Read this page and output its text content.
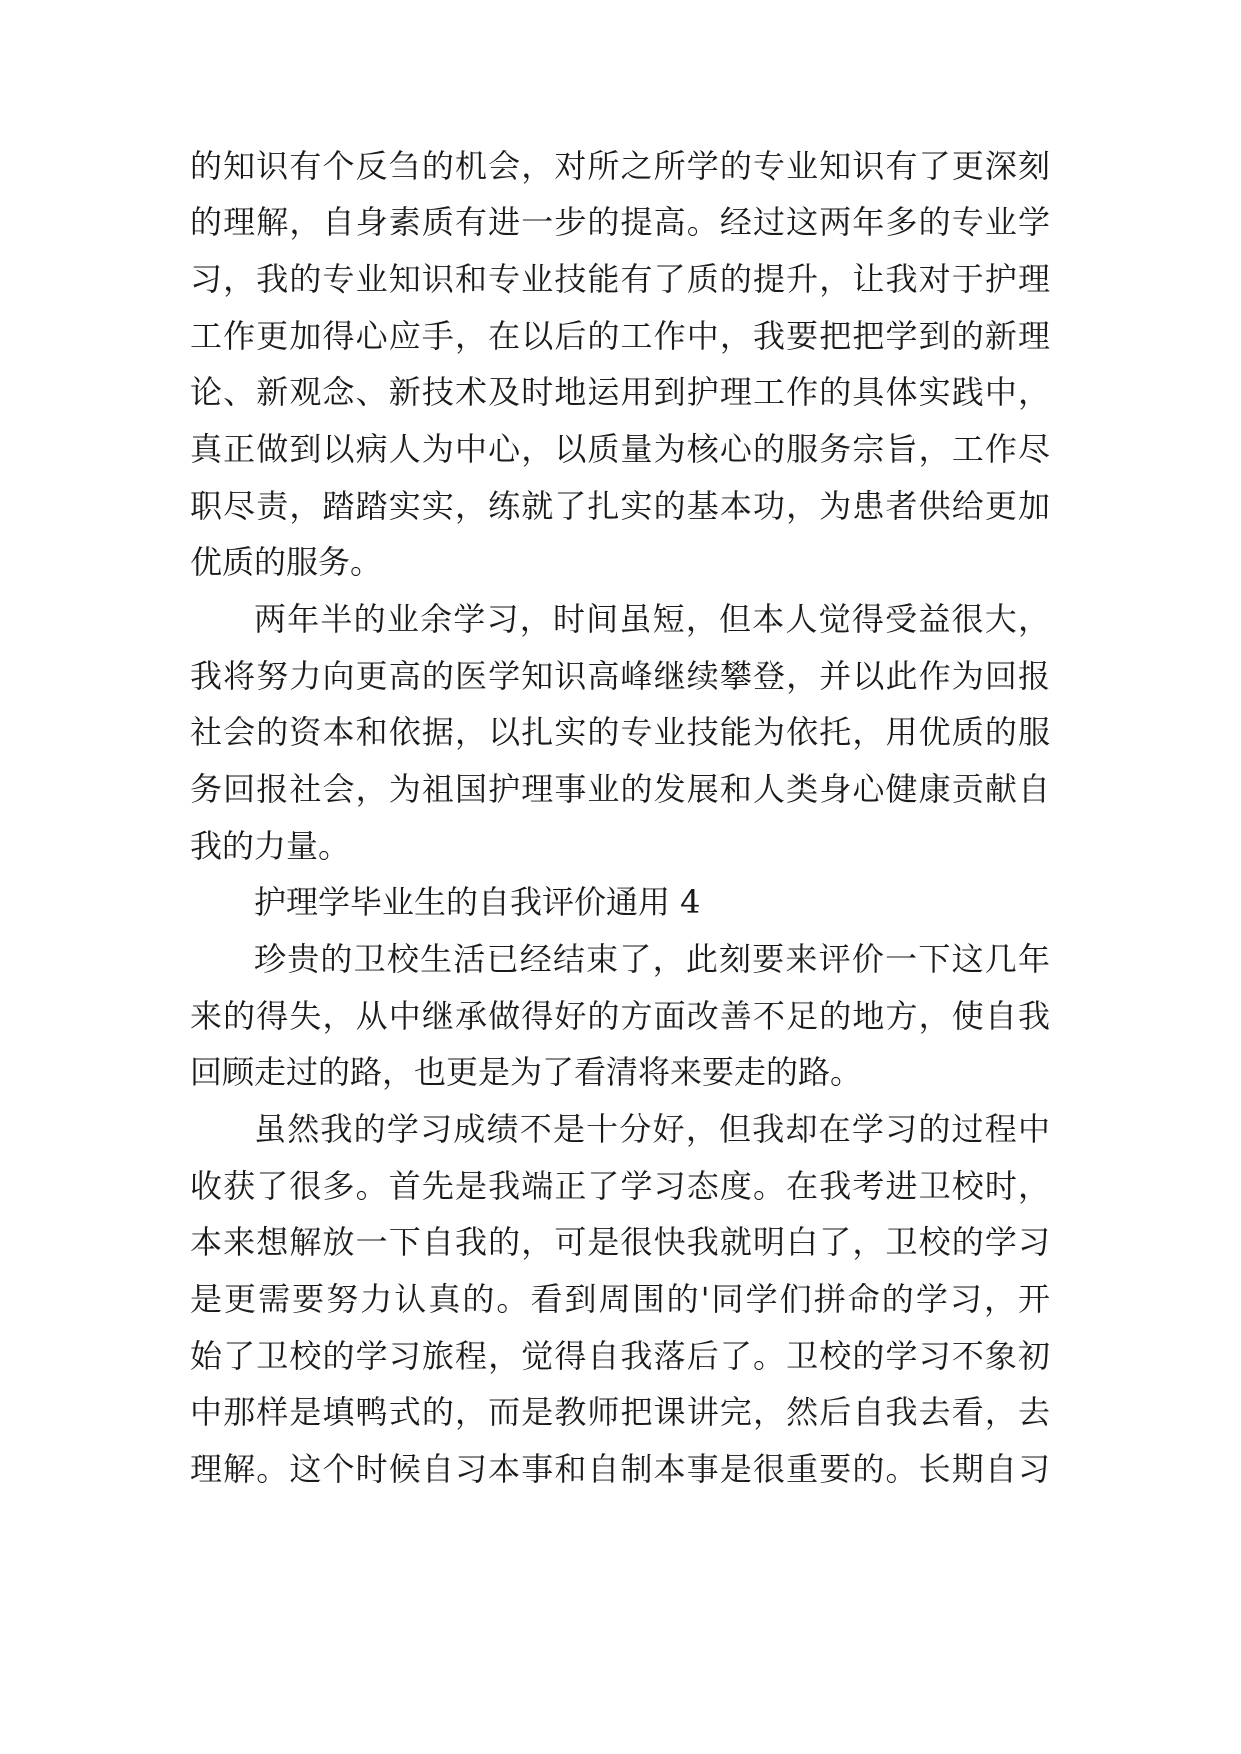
的知识有个反刍的机会，对所之所学的专业知识有了更深刻
的理解，自身素质有进一步的提高。经过这两年多的专业学
习，我的专业知识和专业技能有了质的提升，让我对于护理
工作更加得心应手，在以后的工作中，我要把把学到的新理
论、新观念、新技术及时地运用到护理工作的具体实践中，
真正做到以病人为中心，以质量为核心的服务宗旨，工作尽
职尽责，踏踏实实，练就了扎实的基本功，为患者供给更加
优质的服务。
两年半的业余学习，时间虽短，但本人觉得受益很大，
我将努力向更高的医学知识高峰继续攀登，并以此作为回报
社会的资本和依据，以扎实的专业技能为依托，用优质的服
务回报社会，为祖国护理事业的发展和人类身心健康贡献自
我的力量。
护理学毕业生的自我评价通用 4
珍贵的卫校生活已经结束了，此刻要来评价一下这几年
来的得失，从中继承做得好的方面改善不足的地方，使自我
回顾走过的路，也更是为了看清将来要走的路。
虽然我的学习成绩不是十分好，但我却在学习的过程中
收获了很多。首先是我端正了学习态度。在我考进卫校时，
本来想解放一下自我的，可是很快我就明白了，卫校的学习
是更需要努力认真的。看到周围的'同学们拼命的学习，开
始了卫校的学习旅程，觉得自我落后了。卫校的学习不象初
中那样是填鸭式的，而是教师把课讲完，然后自我去看，去
理解。这个时候自习本事和自制本事是很重要的。长期自习
